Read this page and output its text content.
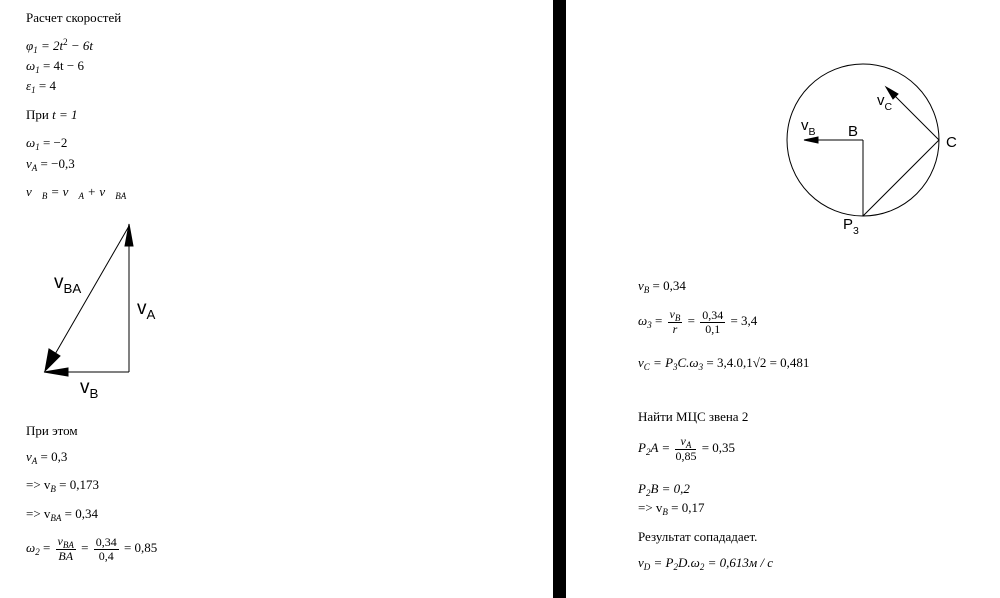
Расчет скоростей
$\varphi_1 = 2t^2 - 6t$
$\omega_1 = 4t - 6$
$\varepsilon_1 = 4$
При t = 1
$\omega_1 = -2$
$v_A = -0,3$
$v⃗_B$ = $v⃗_A$ + $v⃗_{BA}$
При этом
$v_A = 0,3$
=> $v_B = 0,173$
=> $v_{BA} = 0,34$
$\omega_2 = \frac{v_{BA}}{BA} = \frac{0,34}{0,4} = 0,85$
$v_{BA}$
$v_A$
$v_B$
$v_B$ B
$v_C$
C
$P_3$
$v_B = 0,34$
$\omega_3 = \frac{v_B}{r} = \frac{0,34}{0,1} = 3,4$
$v_C = P_3C.\omega_3 = 3,4.0,1√2 = 0,481$
Найти МЦС звена 2
$P_2A = \frac{v_A}{0,85} = 0,35$
$P_2B = 0,2$
=> $v_B = 0,17$
Результат сопададает.
$v_D = P_2D.\omega_2 = 0,613м / с$
